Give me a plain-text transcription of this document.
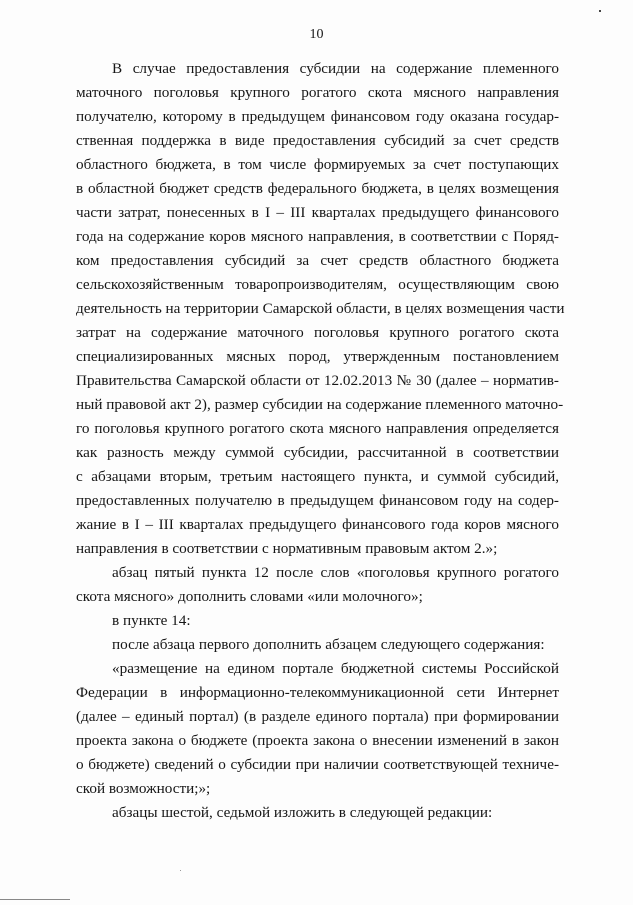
10
В случае предоставления субсидии на содержание племенного
маточного поголовья крупного рогатого скота мясного направления
получателю, которому в предыдущем финансовом году оказана государ-
ственная поддержка в виде предоставления субсидий за счет средств
областного бюджета, в том числе формируемых за счет поступающих
в областной бюджет средств федерального бюджета, в целях возмещения
части затрат, понесенных в I – III кварталах предыдущего финансового
года на содержание коров мясного направления, в соответствии с Поряд-
ком предоставления субсидий за счет средств областного бюджета
сельскохозяйственным товаропроизводителям, осуществляющим свою
деятельность на территории Самарской области, в целях возмещения части
затрат на содержание маточного поголовья крупного рогатого скота
специализированных мясных пород, утвержденным постановлением
Правительства Самарской области от 12.02.2013 № 30 (далее – норматив-
ный правовой акт 2), размер субсидии на содержание племенного маточно-
го поголовья крупного рогатого скота мясного направления определяется
как разность между суммой субсидии, рассчитанной в соответствии
с абзацами вторым, третьим настоящего пункта, и суммой субсидий,
предоставленных получателю в предыдущем финансовом году на содер-
жание в I – III кварталах предыдущего финансового года коров мясного
направления в соответствии с нормативным правовым актом 2.»;
абзац пятый пункта 12 после слов «поголовья крупного рогатого
скота мясного» дополнить словами «или молочного»;
в пункте 14:
после абзаца первого дополнить абзацем следующего содержания:
«размещение на едином портале бюджетной системы Российской
Федерации в информационно-телекоммуникационной сети Интернет
(далее – единый портал) (в разделе единого портала) при формировании
проекта закона о бюджете (проекта закона о внесении изменений в закон
о бюджете) сведений о субсидии при наличии соответствующей техниче-
ской возможности;»;
абзацы шестой, седьмой изложить в следующей редакции:
